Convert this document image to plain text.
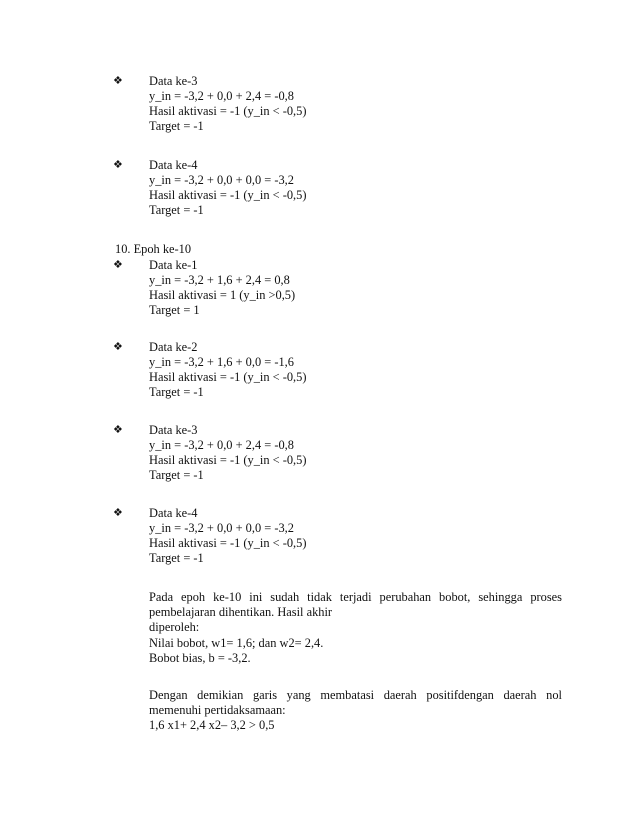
❖	Data ke-3
y_in = -3,2 + 0,0 + 2,4 = -0,8
Hasil aktivasi = -1 (y_in < -0,5)
Target = -1
❖	Data ke-4
y_in = -3,2 + 0,0 + 0,0 = -3,2
Hasil aktivasi = -1 (y_in < -0,5)
Target = -1
10. Epoh ke-10
❖	Data ke-1
y_in = -3,2 + 1,6 + 2,4 = 0,8
Hasil aktivasi = 1 (y_in >0,5)
Target = 1
❖	Data ke-2
y_in = -3,2 + 1,6 + 0,0 = -1,6
Hasil aktivasi = -1 (y_in < -0,5)
Target = -1
❖	Data ke-3
y_in = -3,2 + 0,0 + 2,4 = -0,8
Hasil aktivasi = -1 (y_in < -0,5)
Target = -1
❖	Data ke-4
y_in = -3,2 + 0,0 + 0,0 = -3,2
Hasil aktivasi = -1 (y_in < -0,5)
Target = -1
Pada epoh ke-10 ini sudah tidak terjadi perubahan bobot, sehingga proses
pembelajaran dihentikan. Hasil akhir
diperoleh:
Nilai bobot, w1= 1,6; dan w2= 2,4.
Bobot bias, b = -3,2.
Dengan demikian garis yang membatasi daerah positifdengan daerah nol
memenuhi pertidaksamaan:
1,6 x1+ 2,4 x2– 3,2 > 0,5
